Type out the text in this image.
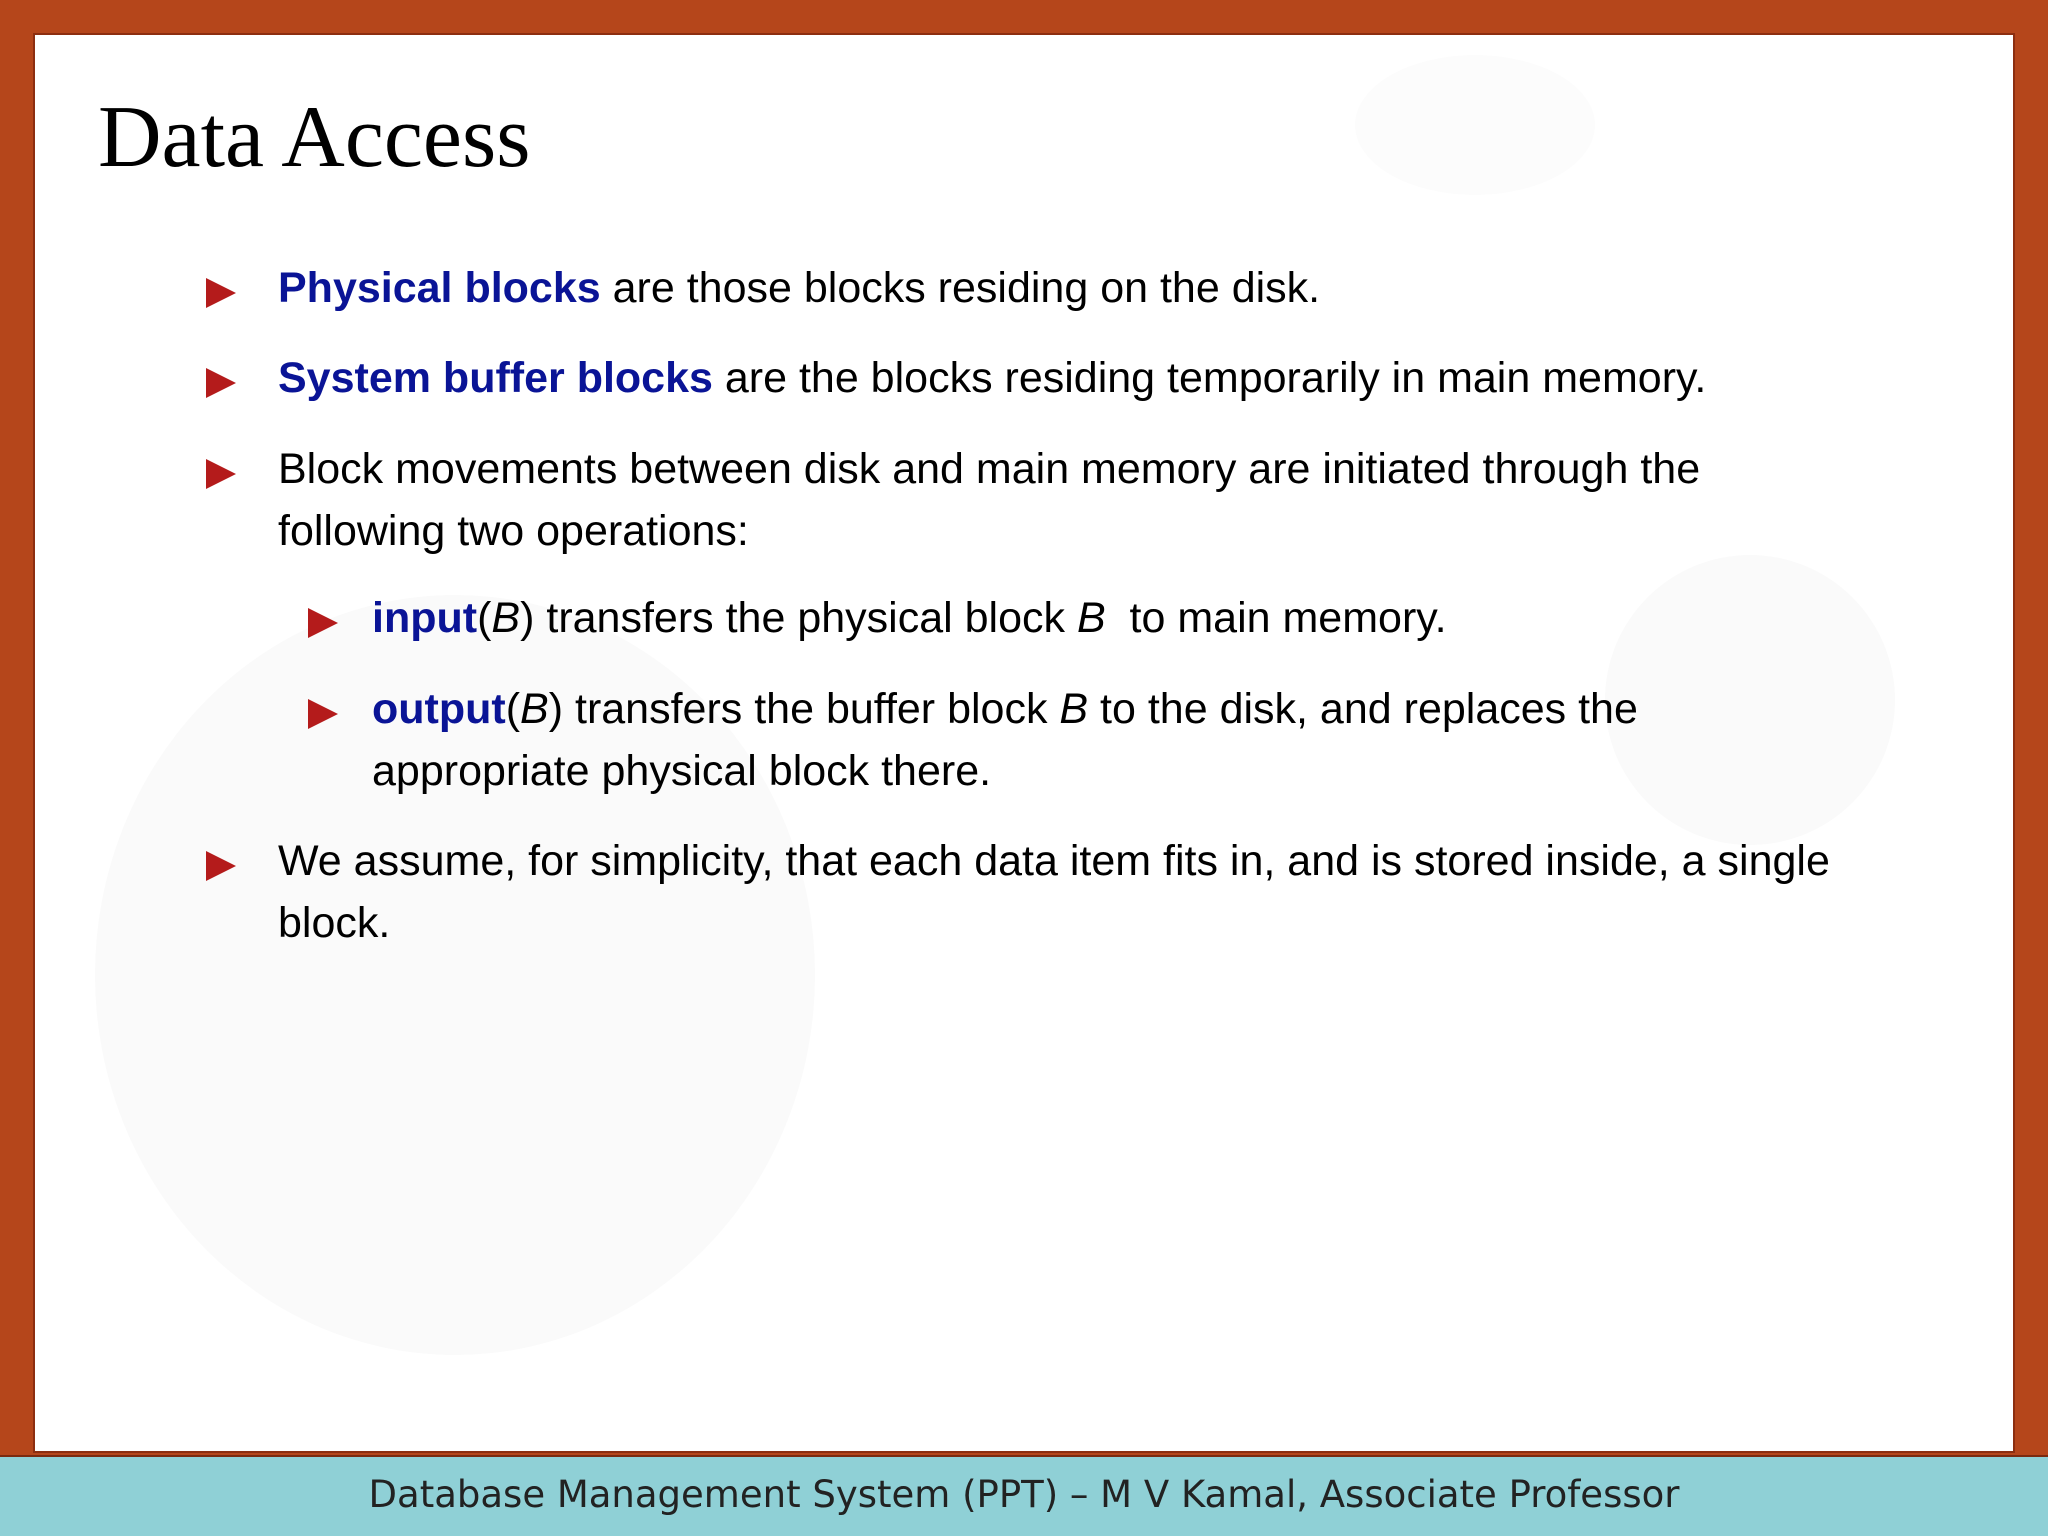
Data Access
Physical blocks are those blocks residing on the disk.
System buffer blocks are the blocks residing temporarily in main memory.
Block movements between disk and main memory are initiated through the
following two operations:
input(B) transfers the physical block B  to main memory.
output(B) transfers the buffer block B to the disk, and replaces the
appropriate physical block there.
We assume, for simplicity, that each data item fits in, and is stored inside, a single
block.
Database Management System (PPT) – M V Kamal, Associate Professor
